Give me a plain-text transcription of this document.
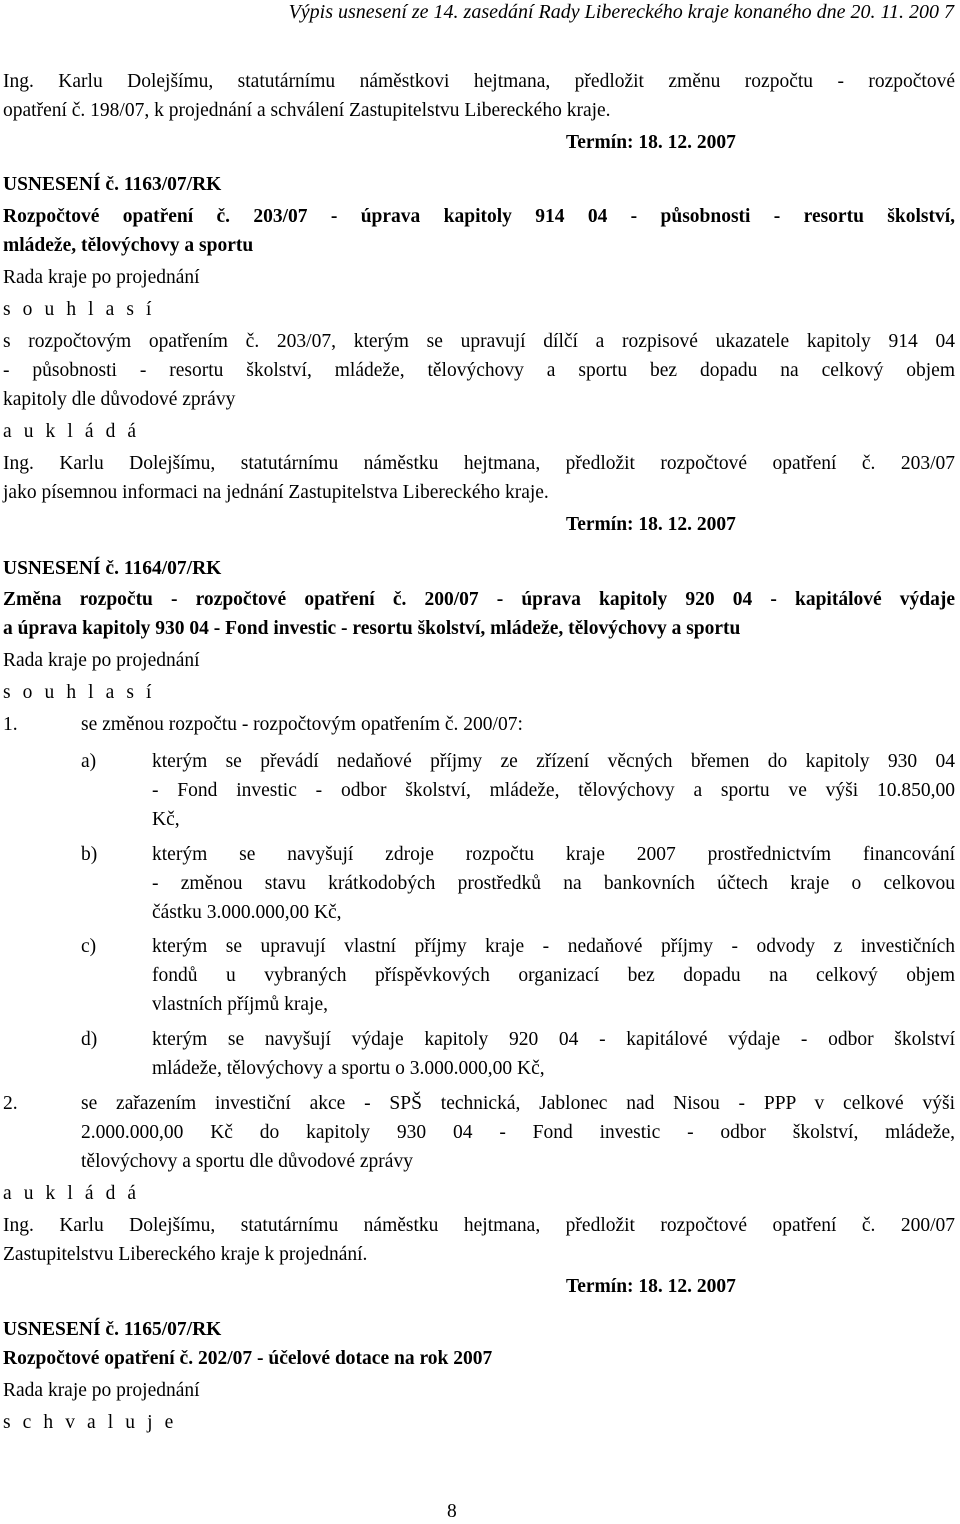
Výpis usnesení ze 14. zasedání Rady Libereckého kraje konaného dne 20. 11. 200 7
Ing. Karlu Dolejšímu, statutárnímu náměstkovi hejtmana, předložit změnu rozpočtu - rozpočtové
opatření č. 198/07, k projednání a schválení Zastupitelstvu Libereckého kraje.
Termín: 18. 12. 2007
USNESENÍ č. 1163/07/RK
Rozpočtové opatření č. 203/07 - úprava kapitoly 914 04 - působnosti - resortu školství,
mládeže, tělovýchovy a sportu
Rada kraje po projednání
s o u h l a s í
s rozpočtovým opatřením č. 203/07, kterým se upravují dílčí a rozpisové ukazatele kapitoly 914 04
- působnosti - resortu školství, mládeže, tělovýchovy a sportu bez dopadu na celkový objem
kapitoly dle důvodové zprávy
a u k l á d á
Ing. Karlu Dolejšímu, statutárnímu náměstku hejtmana, předložit rozpočtové opatření č. 203/07
jako písemnou informaci na jednání Zastupitelstva Libereckého kraje.
Termín: 18. 12. 2007
USNESENÍ č. 1164/07/RK
Změna rozpočtu - rozpočtové opatření č. 200/07 - úprava kapitoly 920 04 - kapitálové výdaje
a úprava kapitoly 930 04 - Fond investic - resortu školství, mládeže, tělovýchovy a sportu
Rada kraje po projednání
s o u h l a s í
1.	se změnou rozpočtu - rozpočtovým opatřením č. 200/07:
a)	kterým se převádí nedaňové příjmy ze zřízení věcných břemen do kapitoly 930 04
- Fond investic - odbor školství, mládeže, tělovýchovy a sportu ve výši 10.850,00
Kč,
b)	kterým se navyšují zdroje rozpočtu kraje 2007 prostřednictvím financování
- změnou stavu krátkodobých prostředků na bankovních účtech kraje o celkovou
částku 3.000.000,00 Kč,
c)	kterým se upravují vlastní příjmy kraje - nedaňové příjmy - odvody z investičních
fondů u vybraných příspěvkových organizací bez dopadu na celkový objem
vlastních příjmů kraje,
d)	kterým se navyšují výdaje kapitoly 920 04 - kapitálové výdaje - odbor školství
mládeže, tělovýchovy a sportu o 3.000.000,00 Kč,
2.	se zařazením investiční akce - SPŠ technická, Jablonec nad Nisou - PPP v celkové výši
2.000.000,00 Kč do kapitoly 930 04 - Fond investic - odbor školství, mládeže,
tělovýchovy a sportu dle důvodové zprávy
a u k l á d á
Ing. Karlu Dolejšímu, statutárnímu náměstku hejtmana, předložit rozpočtové opatření č. 200/07
Zastupitelstvu Libereckého kraje k projednání.
Termín: 18. 12. 2007
USNESENÍ č. 1165/07/RK
Rozpočtové opatření č. 202/07 - účelové dotace na rok 2007
Rada kraje po projednání
s c h v a l u j e
8
